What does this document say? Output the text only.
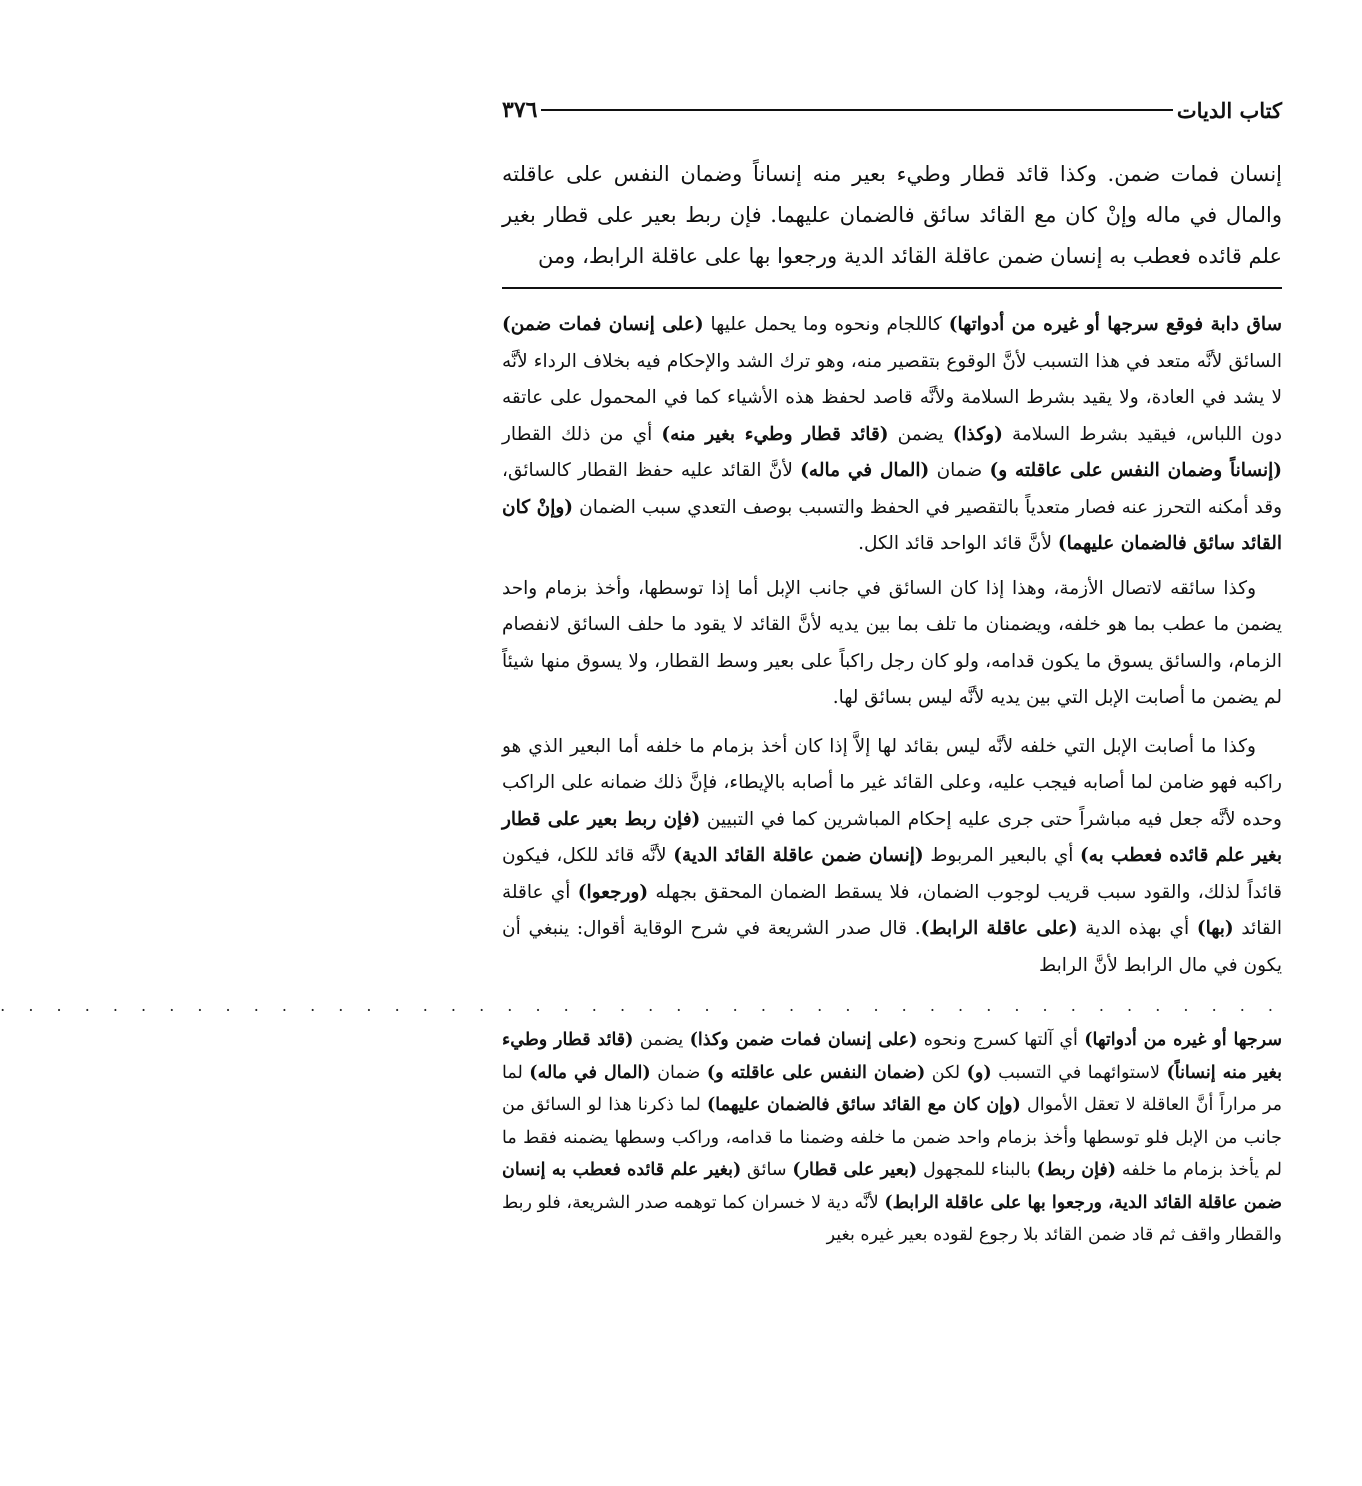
كتاب الديات
٣٧٦

إنسان فمات ضمن. وكذا قائد قطار وطيء بعير منه إنساناً وضمان النفس على عاقلته والمال في ماله وإنْ كان مع القائد سائق فالضمان عليهما. فإن ربط بعير على قطار بغير علم قائده فعطب به إنسان ضمن عاقلة القائد الدية ورجعوا بها على عاقلة الرابط، ومن

ساق دابة فوقع سرجها أو غيره من أدواتها) كاللجام ونحوه وما يحمل عليها (على إنسان فمات ضمن) السائق لأنَّه متعد في هذا التسبب لأنَّ الوقوع بتقصير منه، وهو ترك الشد والإحكام فيه بخلاف الرداء لأنَّه لا يشد في العادة، ولا يقيد بشرط السلامة ولأنَّه قاصد لحفظ هذه الأشياء كما في المحمول على عاتقه دون اللباس، فيقيد بشرط السلامة (وكذا) يضمن (قائد قطار وطيء بغير منه) أي من ذلك القطار (إنساناً وضمان النفس على عاقلته و) ضمان (المال في ماله) لأنَّ القائد عليه حفظ القطار كالسائق، وقد أمكنه التحرز عنه فصار متعدياً بالتقصير في الحفظ والتسبب بوصف التعدي سبب الضمان (وإنْ كان القائد سائق فالضمان عليهما) لأنَّ قائد الواحد قائد الكل.

وكذا سائقه لاتصال الأزمة، وهذا إذا كان السائق في جانب الإبل أما إذا توسطها، وأخذ بزمام واحد يضمن ما عطب بما هو خلفه، ويضمنان ما تلف بما بين يديه لأنَّ القائد لا يقود ما حلف السائق لانفصام الزمام، والسائق يسوق ما يكون قدامه، ولو كان رجل راكباً على بعير وسط القطار، ولا يسوق منها شيئاً لم يضمن ما أصابت الإبل التي بين يديه لأنَّه ليس بسائق لها.

وكذا ما أصابت الإبل التي خلفه لأنَّه ليس بقائد لها إلاَّ إذا كان أخذ بزمام ما خلفه أما البعير الذي هو راكبه فهو ضامن لما أصابه فيجب عليه، وعلى القائد غير ما أصابه بالإيطاء، فإنَّ ذلك ضمانه على الراكب وحده لأنَّه جعل فيه مباشراً حتى جرى عليه إحكام المباشرين كما في التبيين (فإن ربط بعير على قطار بغير علم قائده فعطب به) أي بالبعير المربوط (إنسان ضمن عاقلة القائد الدية) لأنَّه قائد للكل، فيكون قائداً لذلك، والقود سبب قريب لوجوب الضمان، فلا يسقط الضمان المحقق بجهله (ورجعوا) أي عاقلة القائد (بها) أي بهذه الدية (على عاقلة الرابط). قال صدر الشريعة في شرح الوقاية أقوال: ينبغي أن يكون في مال الرابط لأنَّ الرابط

. . . . . . . . . . . . . . . . . . . . . . . . . . . . . . . . . . . . . . . . . . . . . .

سرجها أو غيره من أدواتها) أي آلتها كسرج ونحوه (على إنسان فمات ضمن وكذا) يضمن (قائد قطار وطيء بغير منه إنساناً) لاستوائهما في التسبب (و) لكن (ضمان النفس على عاقلته و) ضمان (المال في ماله) لما مر مراراً أنَّ العاقلة لا تعقل الأموال (وإن كان مع القائد سائق فالضمان عليهما) لما ذكرنا هذا لو السائق من جانب من الإبل فلو توسطها وأخذ بزمام واحد ضمن ما خلفه وضمنا ما قدامه، وراكب وسطها يضمنه فقط ما لم يأخذ بزمام ما خلفه (فإن ربط) بالبناء للمجهول (بعير على قطار) سائق (بغير علم قائده فعطب به إنسان ضمن عاقلة القائد الدية، ورجعوا بها على عاقلة الرابط) لأنَّه دية لا خسران كما توهمه صدر الشريعة، فلو ربط والقطار واقف ثم قاد ضمن القائد بلا رجوع لقوده بعير غيره بغير
